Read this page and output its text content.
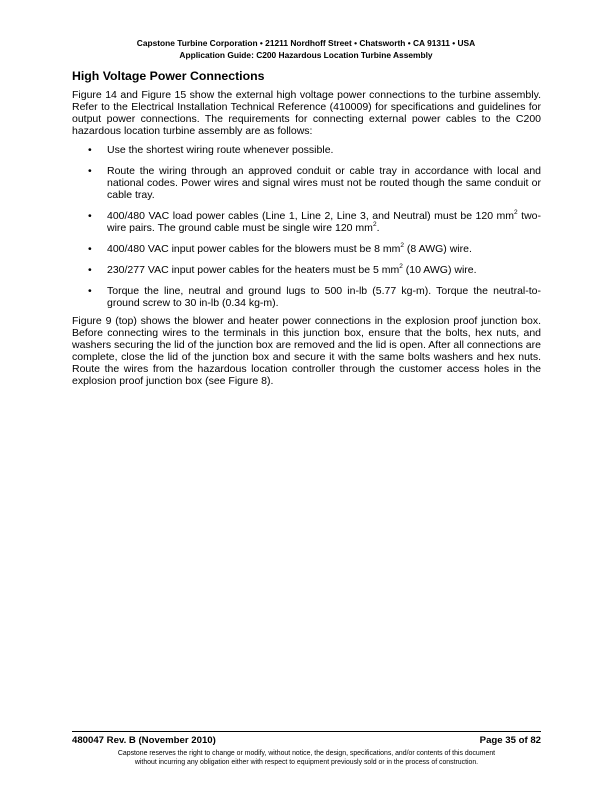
Capstone Turbine Corporation • 21211 Nordhoff Street • Chatsworth • CA 91311 • USA
Application Guide: C200 Hazardous Location Turbine Assembly
High Voltage Power Connections

Figure 14 and Figure 15 show the external high voltage power connections to the turbine assembly. Refer to the Electrical Installation Technical Reference (410009) for specifications and guidelines for output power connections. The requirements for connecting external power cables to the C200 hazardous location turbine assembly are as follows:

• Use the shortest wiring route whenever possible.
• Route the wiring through an approved conduit or cable tray in accordance with local and national codes. Power wires and signal wires must not be routed though the same conduit or cable tray.
• 400/480 VAC load power cables (Line 1, Line 2, Line 3, and Neutral) must be 120 $mm^2$ two-wire pairs. The ground cable must be single wire 120 $mm^2$.
• 400/480 VAC input power cables for the blowers must be 8 $mm^2$ (8 AWG) wire.
• 230/277 VAC input power cables for the heaters must be 5 $mm^2$ (10 AWG) wire.
• Torque the line, neutral and ground lugs to 500 in-lb (5.77 kg-m). Torque the neutral-to-ground screw to 30 in-lb (0.34 kg-m).

Figure 9 (top) shows the blower and heater power connections in the explosion proof junction box. Before connecting wires to the terminals in this junction box, ensure that the bolts, hex nuts, and washers securing the lid of the junction box are removed and the lid is open. After all connections are complete, close the lid of the junction box and secure it with the same bolts washers and hex nuts. Route the wires from the hazardous location controller through the customer access holes in the explosion proof junction box (see Figure 8).

480047 Rev. B (November 2010)	Page 35 of 82
Capstone reserves the right to change or modify, without notice, the design, specifications, and/or contents of this document
without incurring any obligation either with respect to equipment previously sold or in the process of construction.
